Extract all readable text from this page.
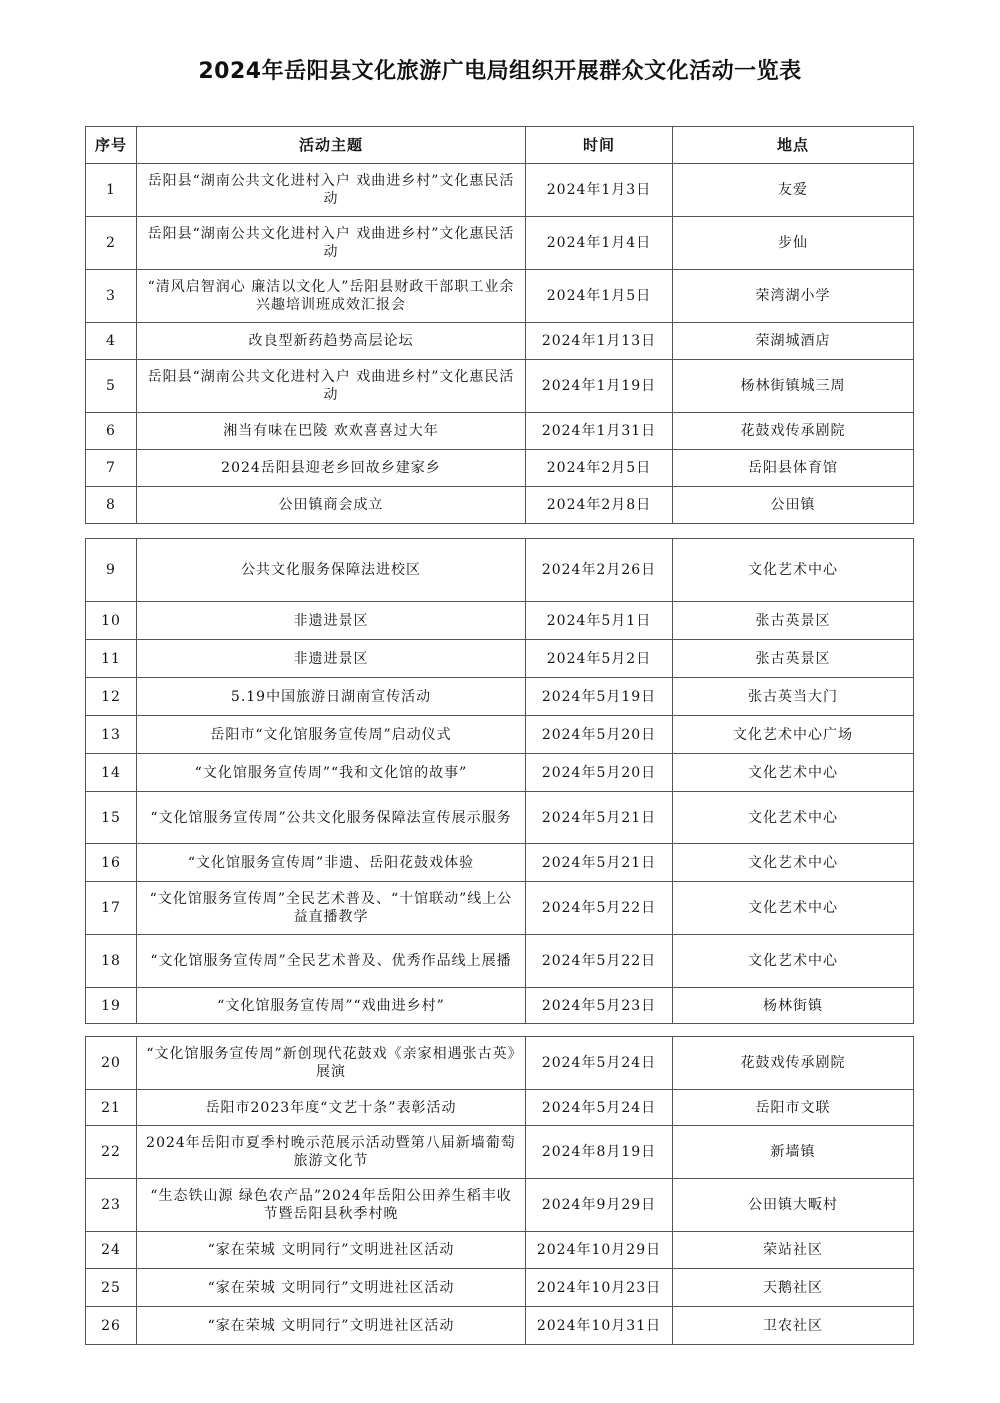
2024年岳阳县文化旅游广电局组织开展群众文化活动一览表
序号	活动主题	时间	地点
1	岳阳县“湖南公共文化进村入户 戏曲进乡村”文化惠民活动	2024年1月3日	友爱
2	岳阳县“湖南公共文化进村入户 戏曲进乡村”文化惠民活动	2024年1月4日	步仙
3	“清风启智润心 廉洁以文化人”岳阳县财政干部职工业余兴趣培训班成效汇报会	2024年1月5日	荣湾湖小学
4	改良型新药趋势高层论坛	2024年1月13日	荣湖城酒店
5	岳阳县“湖南公共文化进村入户 戏曲进乡村”文化惠民活动	2024年1月19日	杨林街镇城三周
6	湘当有味在巴陵 欢欢喜喜过大年	2024年1月31日	花鼓戏传承剧院
7	2024岳阳县迎老乡回故乡建家乡	2024年2月5日	岳阳县体育馆
8	公田镇商会成立	2024年2月8日	公田镇
9	公共文化服务保障法进校区	2024年2月26日	文化艺术中心
10	非遗进景区	2024年5月1日	张古英景区
11	非遗进景区	2024年5月2日	张古英景区
12	5.19中国旅游日湖南宣传活动	2024年5月19日	张古英当大门
13	岳阳市“文化馆服务宣传周”启动仪式	2024年5月20日	文化艺术中心广场
14	“文化馆服务宣传周”“我和文化馆的故事”	2024年5月20日	文化艺术中心
15	“文化馆服务宣传周”公共文化服务保障法宣传展示服务	2024年5月21日	文化艺术中心
16	“文化馆服务宣传周”非遗、岳阳花鼓戏体验	2024年5月21日	文化艺术中心
17	“文化馆服务宣传周”全民艺术普及、“十馆联动”线上公益直播教学	2024年5月22日	文化艺术中心
18	“文化馆服务宣传周”全民艺术普及、优秀作品线上展播	2024年5月22日	文化艺术中心
19	“文化馆服务宣传周”“戏曲进乡村”	2024年5月23日	杨林街镇
20	“文化馆服务宣传周”新创现代花鼓戏《亲家相遇张古英》展演	2024年5月24日	花鼓戏传承剧院
21	岳阳市2023年度“文艺十条”表彰活动	2024年5月24日	岳阳市文联
22	2024年岳阳市夏季村晚示范展示活动暨第八届新墙葡萄旅游文化节	2024年8月19日	新墙镇
23	“生态铁山源 绿色农产品”2024年岳阳公田养生稻丰收节暨岳阳县秋季村晚	2024年9月29日	公田镇大畈村
24	“家在荣城 文明同行”文明进社区活动	2024年10月29日	荣站社区
25	“家在荣城 文明同行”文明进社区活动	2024年10月23日	天鹅社区
26	“家在荣城 文明同行”文明进社区活动	2024年10月31日	卫农社区
